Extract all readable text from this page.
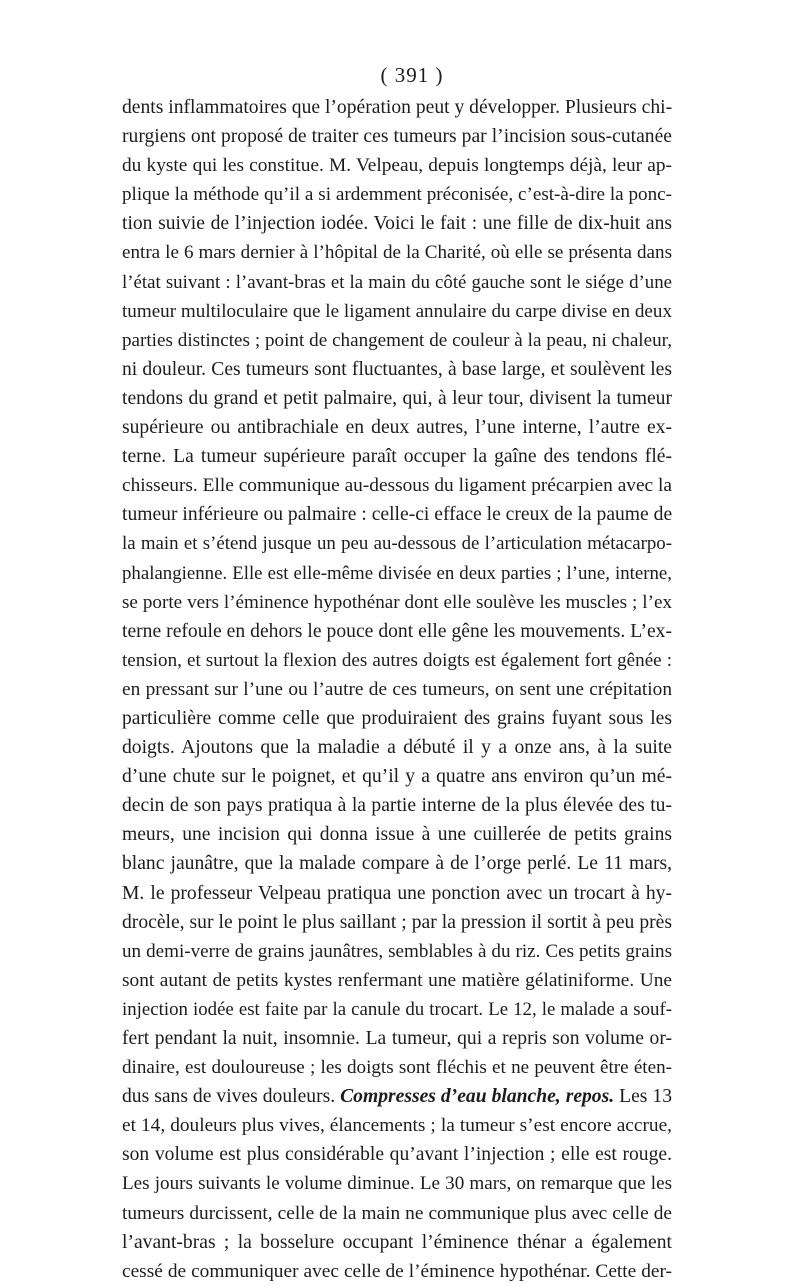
( 391 )
dents inflammatoires que l’opération peut y développer. Plusieurs chi-
rurgiens ont proposé de traiter ces tumeurs par l’incision sous-cutanée
du kyste qui les constitue. M. Velpeau, depuis longtemps déjà, leur ap-
plique la méthode qu’il a si ardemment préconisée, c’est-à-dire la ponc-
tion suivie de l’injection iodée. Voici le fait : une fille de dix-huit ans
entra le 6 mars dernier à l’hôpital de la Charité, où elle se présenta dans
l’état suivant : l’avant-bras et la main du côté gauche sont le siége d’une
tumeur multiloculaire que le ligament annulaire du carpe divise en deux
parties distinctes ; point de changement de couleur à la peau, ni chaleur,
ni douleur. Ces tumeurs sont fluctuantes, à base large, et soulèvent les
tendons du grand et petit palmaire, qui, à leur tour, divisent la tumeur
supérieure ou antibrachiale en deux autres, l’une interne, l’autre ex-
terne. La tumeur supérieure paraît occuper la gaîne des tendons flé-
chisseurs. Elle communique au-dessous du ligament précarpien avec la
tumeur inférieure ou palmaire : celle-ci efface le creux de la paume de
la main et s’étend jusque un peu au-dessous de l’articulation métacarpo-
phalangienne. Elle est elle-même divisée en deux parties ; l’une, interne,
se porte vers l’éminence hypothénar dont elle soulève les muscles ; l’ex
terne refoule en dehors le pouce dont elle gêne les mouvements. L’ex-
tension, et surtout la flexion des autres doigts est également fort gênée :
en pressant sur l’une ou l’autre de ces tumeurs, on sent une crépitation
particulière comme celle que produiraient des grains fuyant sous les
doigts. Ajoutons que la maladie a débuté il y a onze ans, à la suite
d’une chute sur le poignet, et qu’il y a quatre ans environ qu’un mé-
decin de son pays pratiqua à la partie interne de la plus élevée des tu-
meurs, une incision qui donna issue à une cuillerée de petits grains
blanc jaunâtre, que la malade compare à de l’orge perlé. Le 11 mars,
M. le professeur Velpeau pratiqua une ponction avec un trocart à hy-
drocèle, sur le point le plus saillant ; par la pression il sortit à peu près
un demi-verre de grains jaunâtres, semblables à du riz. Ces petits grains
sont autant de petits kystes renfermant une matière gélatiniforme. Une
injection iodée est faite par la canule du trocart. Le 12, le malade a souf-
fert pendant la nuit, insomnie. La tumeur, qui a repris son volume or-
dinaire, est douloureuse ; les doigts sont fléchis et ne peuvent être éten-
dus sans de vives douleurs. Compresses d’eau blanche, repos. Les 13
et 14, douleurs plus vives, élancements ; la tumeur s’est encore accrue,
son volume est plus considérable qu’avant l’injection ; elle est rouge.
Les jours suivants le volume diminue. Le 30 mars, on remarque que les
tumeurs durcissent, celle de la main ne communique plus avec celle de
l’avant-bras ; la bosselure occupant l’éminence thénar a également
cessé de communiquer avec celle de l’éminence hypothénar. Cette der-
